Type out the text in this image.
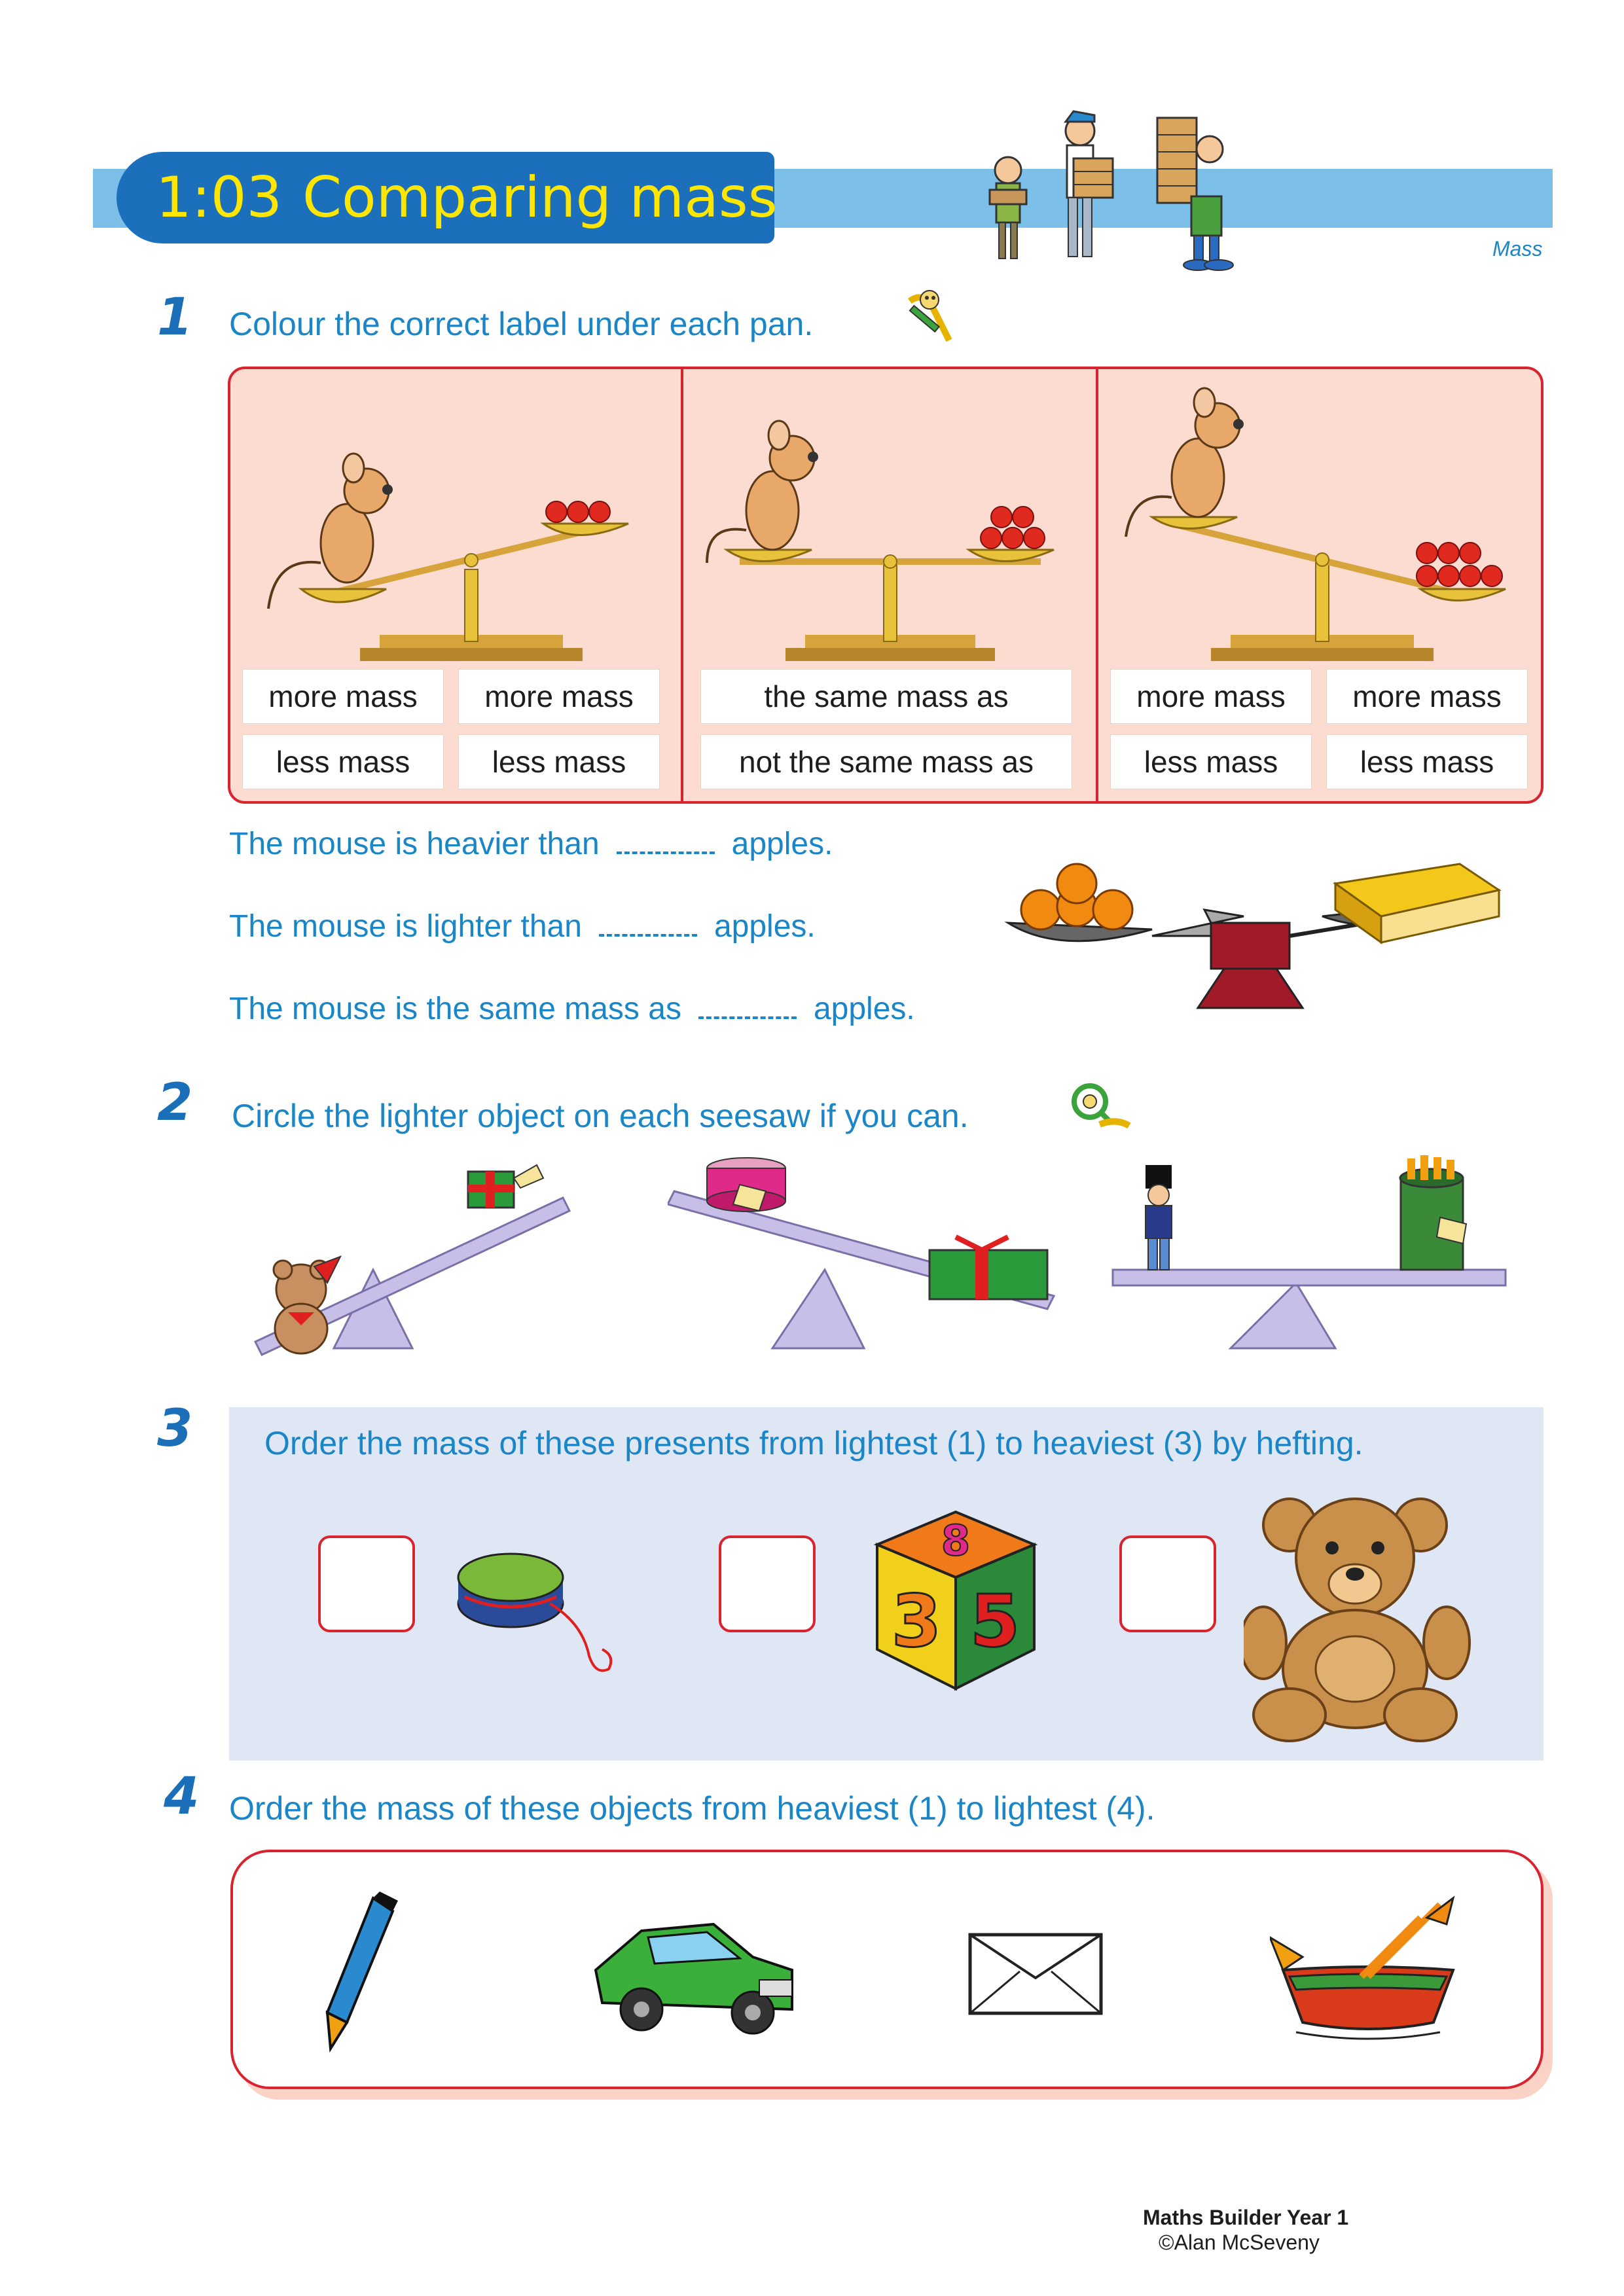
1:03 Comparing mass
Mass
1 Colour the correct label under each pan.
more mass	more mass
less mass	less mass
the same mass as
not the same mass as
more mass	more mass
less mass	less mass
The mouse is heavier than	apples.
The mouse is lighter than	apples.
The mouse is the same mass as	apples.
2 Circle the lighter object on each seesaw if you can.
3 Order the mass of these presents from lightest (1) to heaviest (3) by hefting.
8
3 5
4 Order the mass of these objects from heaviest (1) to lightest (4).
Maths Builder Year 1
©Alan McSeveny
